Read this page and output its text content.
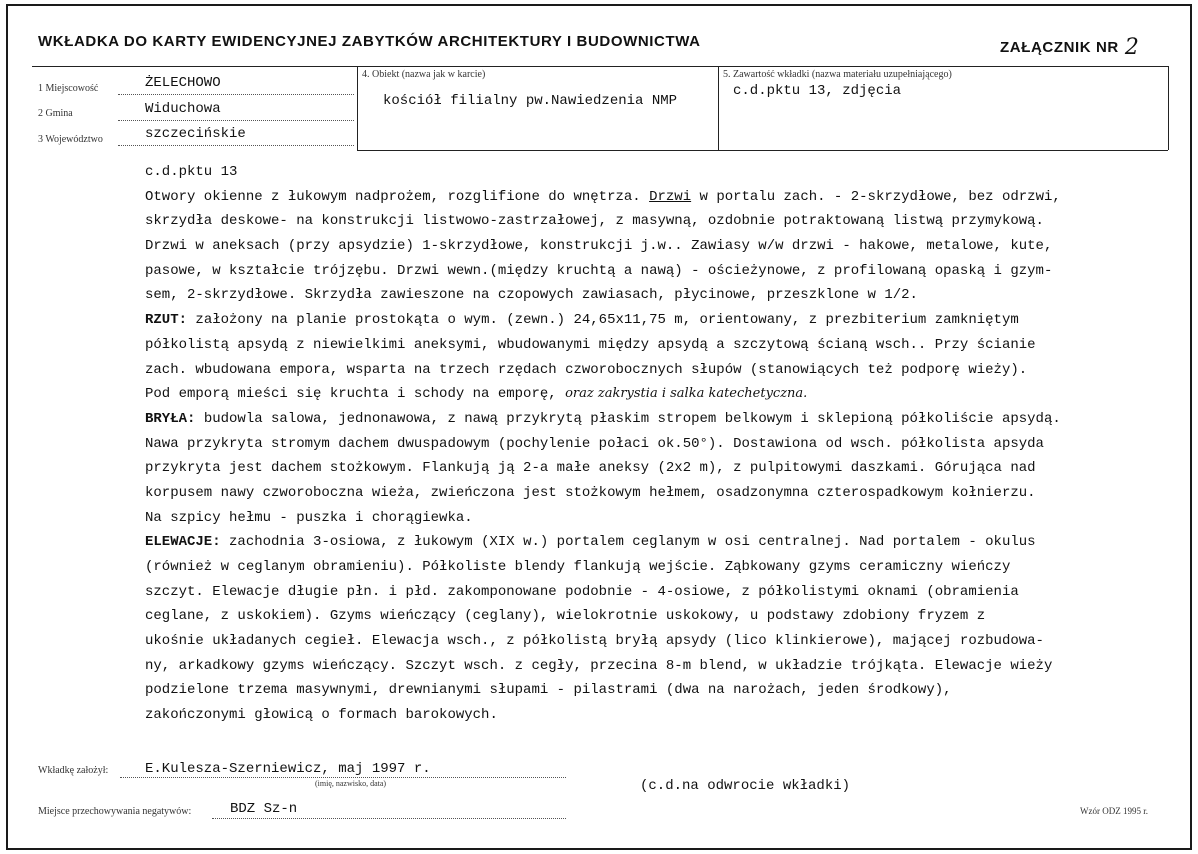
WKŁADKA DO KARTY EWIDENCYJNEJ ZABYTKÓW ARCHITEKTURY I BUDOWNICTWA	ZAŁĄCZNIK NR 2
1 Miejscowość	ŻELECHOWO
2 Gmina	Widuchowa
3 Województwo	szczecińskie
4. Obiekt (nazwa jak w karcie)
kościół filialny pw.Nawiedzenia NMP
5. Zawartość wkładki (nazwa materiału uzupełniającego)
c.d.pktu 13, zdjęcia
c.d.pktu 13
Otwory okienne z łukowym nadprożem, rozglifione do wnętrza. Drzwi w portalu zach. - 2-skrzydłowe, bez odrzwi,
skrzydła deskowe- na konstrukcji listwowo-zastrzałowej, z masywną, ozdobnie potraktowaną listwą przymykową.
Drzwi w aneksach (przy apsydzie) 1-skrzydłowe, konstrukcji j.w.. Zawiasy w/w drzwi - hakowe, metalowe, kute,
pasowe, w kształcie trójzębu. Drzwi wewn.(między kruchtą a nawą) - ościeżynowe, z profilowaną opaską i gzym-
sem, 2-skrzydłowe. Skrzydła zawieszone na czopowych zawiasach, płycinowe, przeszklone w 1/2.
RZUT: założony na planie prostokąta o wym. (zewn.) 24,65x11,75 m, orientowany, z prezbiterium zamkniętym
półkolistą apsydą z niewielkimi aneksymi, wbudowanymi między apsydą a szczytową ścianą wsch.. Przy ścianie
zach. wbudowana empora, wsparta na trzech rzędach czworobocznych słupów (stanowiących też podporę wieży).
Pod emporą mieści się kruchta i schody na emporę, oraz zakrystia i salka katechetyczna.
BRYŁA: budowla salowa, jednonawowa, z nawą przykrytą płaskim stropem belkowym i sklepioną półkoliście apsydą.
Nawa przykryta stromym dachem dwuspadowym (pochylenie połaci ok.50°). Dostawiona od wsch. półkolista apsyda
przykryta jest dachem stożkowym. Flankują ją 2-a małe aneksy (2x2 m), z pulpitowymi daszkami. Górująca nad
korpusem nawy czworoboczna wieża, zwieńczona jest stożkowym hełmem, osadzonymna czterospadkowym kołnierzu.
Na szpicy hełmu - puszka i chorągiewka.
ELEWACJE: zachodnia 3-osiowa, z łukowym (XIX w.) portalem ceglanym w osi centralnej. Nad portalem - okulus
(również w ceglanym obramieniu). Półkoliste blendy flankują wejście. Ząbkowany gzyms ceramiczny wieńczy
szczyt. Elewacje długie płn. i płd. zakomponowane podobnie - 4-osiowe, z półkolistymi oknami (obramienia
ceglane, z uskokiem). Gzyms wieńczący (ceglany), wielokrotnie uskokowy, u podstawy zdobiony fryzem z
ukośnie układanych cegieł. Elewacja wsch., z półkolistą bryłą apsydy (lico klinkierowe), mającej rozbudowa-
ny, arkadkowy gzyms wieńczący. Szczyt wsch. z cegły, przecina 8-m blend, w układzie trójkąta. Elewacje wieży
podzielone trzema masywnymi, drewnianymi słupami - pilastrami (dwa na narożach, jeden środkowy),
zakończonymi głowicą o formach barokowych.
Wkładkę założył:	E.Kulesza-Szerniewicz, maj 1997 r.
(imię, nazwisko, data)	(c.d.na odwrocie wkładki)
Miejsce przechowywania negatywów:	BDZ Sz-n	Wzór ODZ 1995 r.
